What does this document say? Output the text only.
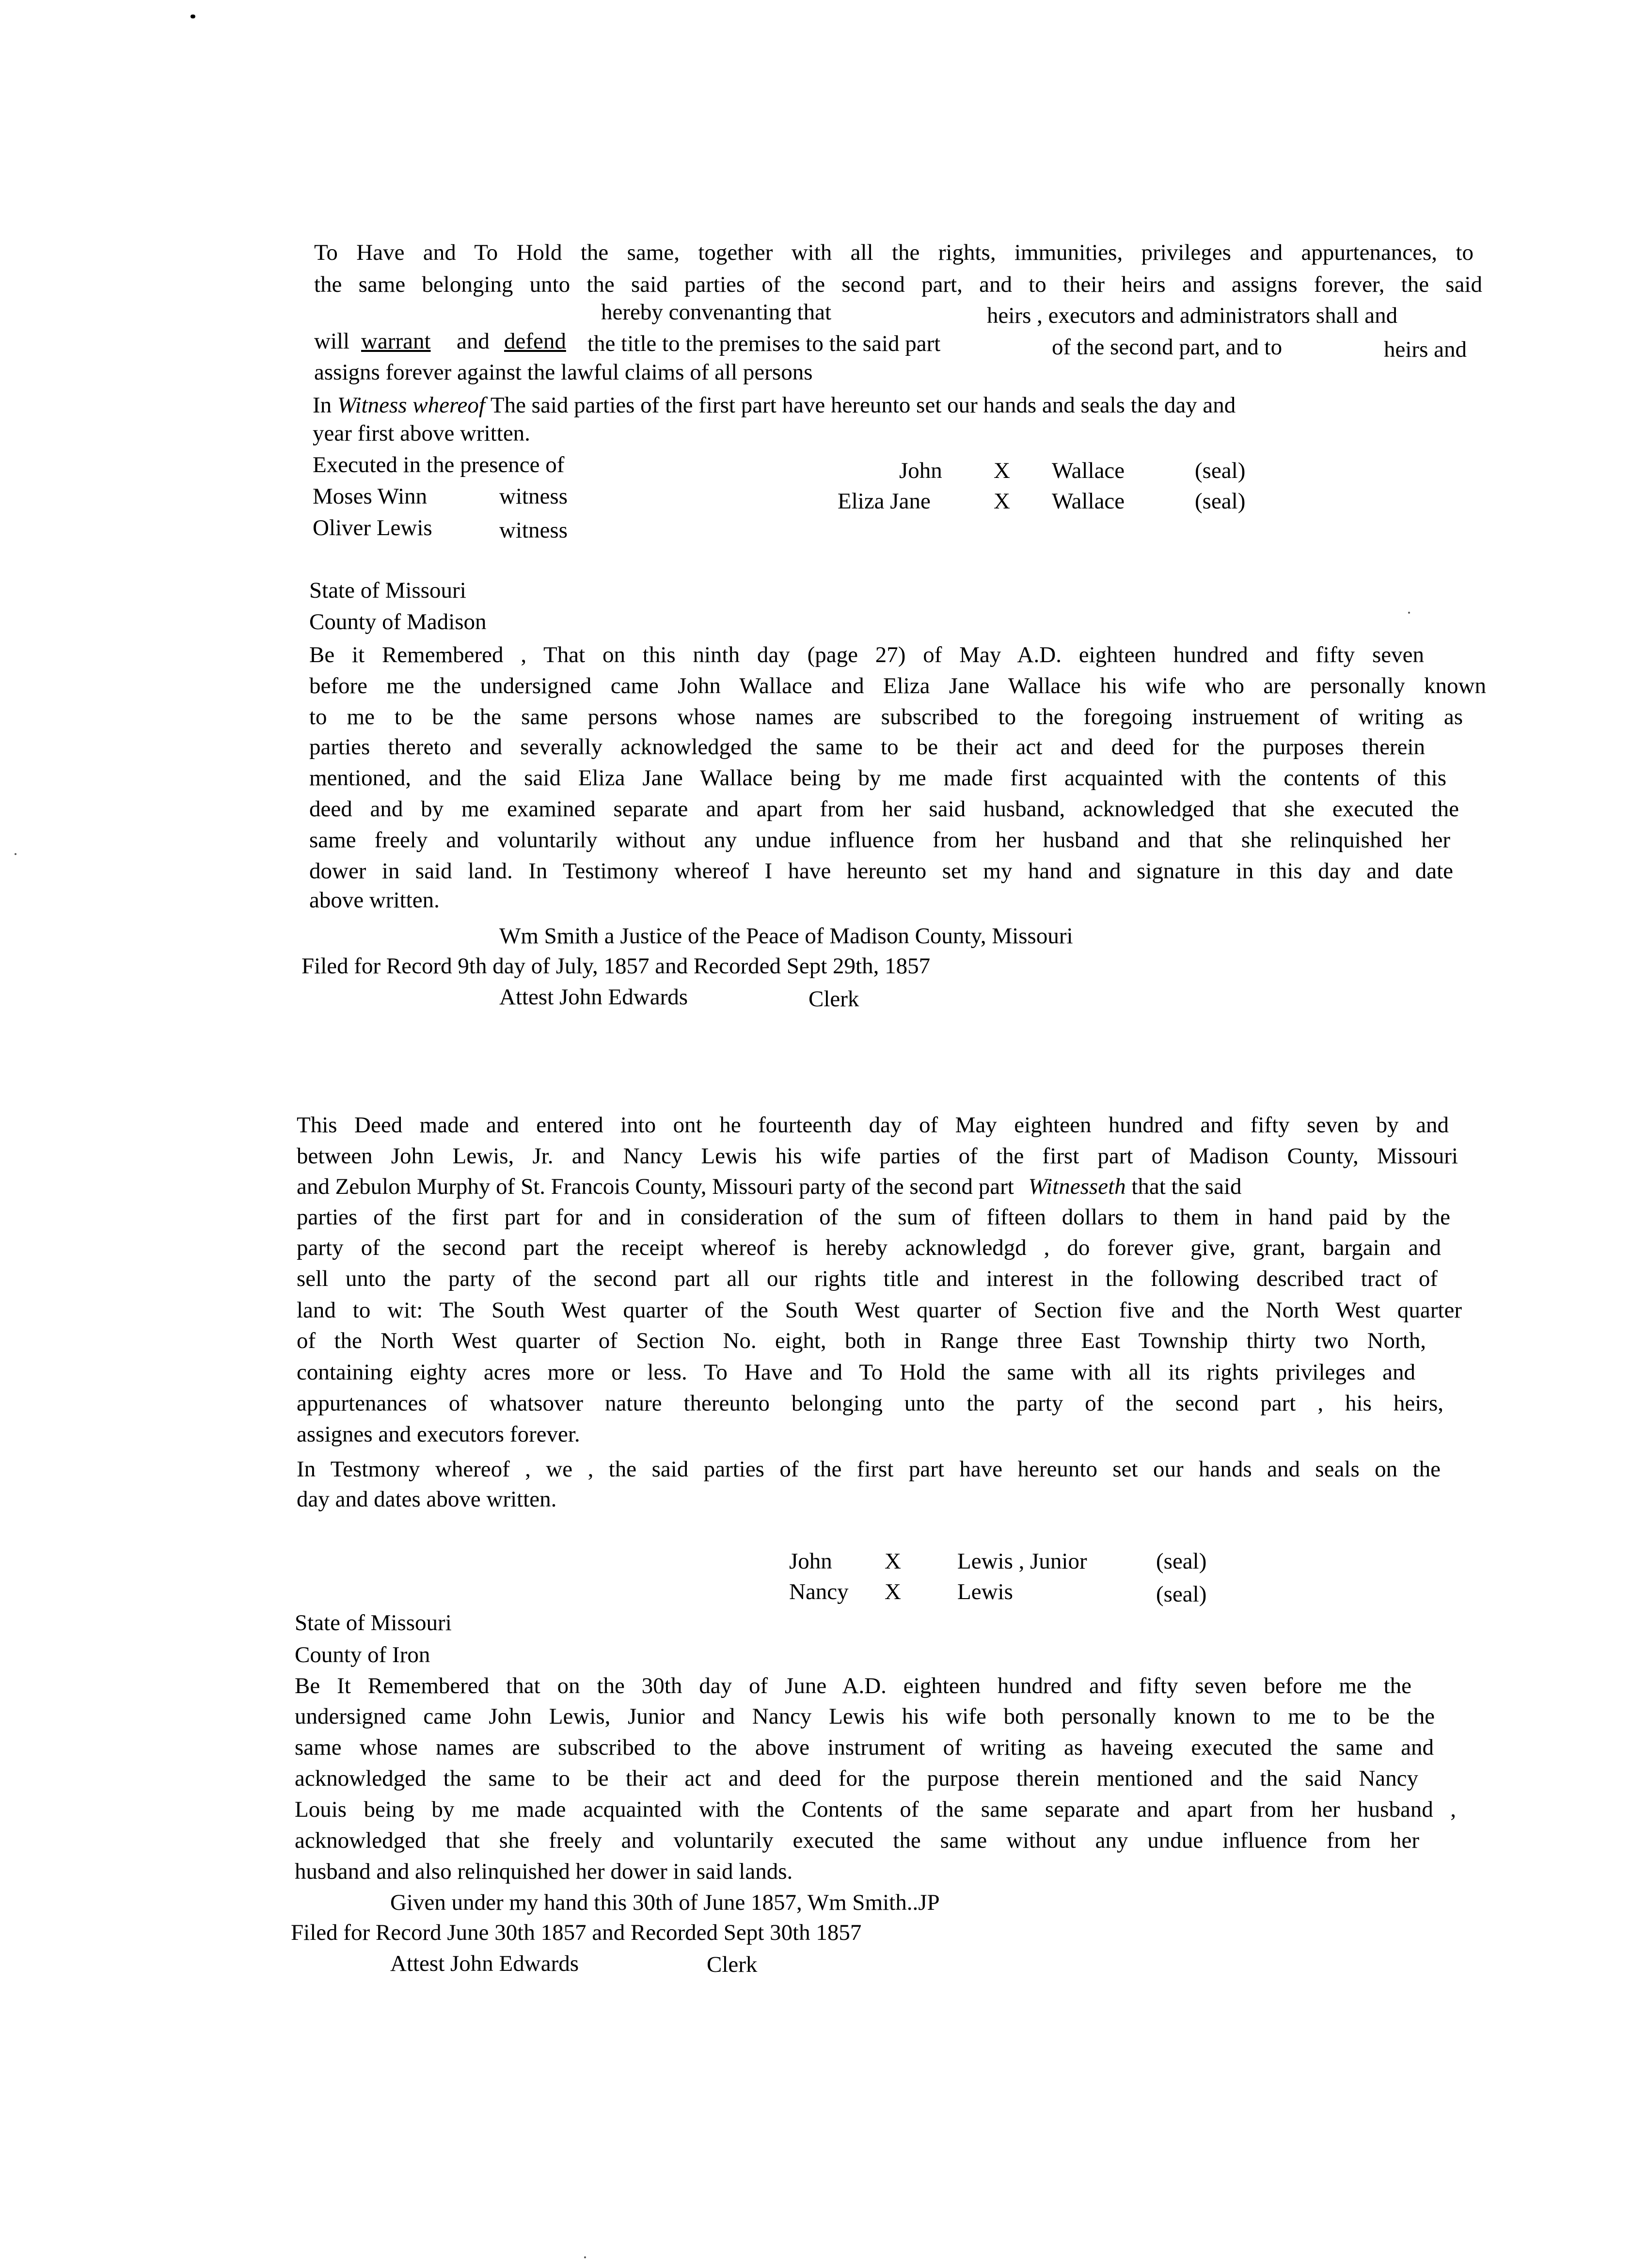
To Have and To Hold the same, together with all the rights, immunities, privileges and appurtenances, to
the same belonging unto the said parties of the second part, and to their heirs and assigns forever, the said
hereby convenanting that	heirs , executors and administrators shall and
will warrant and defend the title to the premises to the said part	of the second part, and to	heirs and
assigns forever against the lawful claims of all persons
In Witness whereof The said parties of the first part have hereunto set our hands and seals the day and
year first above written.
Executed in the presence of
Moses Winn	witness
Oliver Lewis	witness
John X Wallace	(seal)
Eliza Jane	X Wallace	(seal)
State of Missouri
County of Madison
Be it Remembered , That on this ninth day (page 27) of May A.D. eighteen hundred and fifty seven
before me the undersigned came John Wallace and Eliza Jane Wallace his wife who are personally known
to me to be the same persons whose names are subscribed to the foregoing instruement of writing as
parties thereto and severally acknowledged the same to be their act and deed for the purposes therein
mentioned, and the said Eliza Jane Wallace being by me made first acquainted with the contents of this
deed and by me examined separate and apart from her said husband, acknowledged that she executed the
same freely and voluntarily without any undue influence from her husband and that she relinquished her
dower in said land. In Testimony whereof I have hereunto set my hand and signature in this day and date
above written.
Wm Smith a Justice of the Peace of Madison County, Missouri
Filed for Record 9th day of July, 1857 and Recorded Sept 29th, 1857
Attest John Edwards	Clerk
This Deed made and entered into ont he fourteenth day of May eighteen hundred and fifty seven by and
between John Lewis, Jr. and Nancy Lewis his wife parties of the first part of Madison County, Missouri
and Zebulon Murphy of St. Francois County, Missouri party of the second part Witnesseth that the said
parties of the first part for and in consideration of the sum of fifteen dollars to them in hand paid by the
party of the second part the receipt whereof is hereby acknowledgd , do forever give, grant, bargain and
sell unto the party of the second part all our rights title and interest in the following described tract of
land to wit: The South West quarter of the South West quarter of Section five and the North West quarter
of the North West quarter of Section No. eight, both in Range three East Township thirty two North,
containing eighty acres more or less. To Have and To Hold the same with all its rights privileges and
appurtenances of whatsover nature thereunto belonging unto the party of the second part , his heirs,
assignes and executors forever.
In Testmony whereof , we , the said parties of the first part have hereunto set our hands and seals on the
day and dates above written.
John X Lewis , Junior	(seal)
Nancy X Lewis	(seal)
State of Missouri
County of Iron
Be It Remembered that on the 30th day of June A.D. eighteen hundred and fifty seven before me the
undersigned came John Lewis, Junior and Nancy Lewis his wife both personally known to me to be the
same whose names are subscribed to the above instrument of writing as haveing executed the same and
acknowledged the same to be their act and deed for the purpose therein mentioned and the said Nancy
Louis being by me made acquainted with the Contents of the same separate and apart from her husband ,
acknowledged that she freely and voluntarily executed the same without any undue influence from her
husband and also relinquished her dower in said lands.
Given under my hand this 30th of June 1857, Wm Smith..JP
Filed for Record June 30th 1857 and Recorded Sept 30th 1857
Attest John Edwards	Clerk
